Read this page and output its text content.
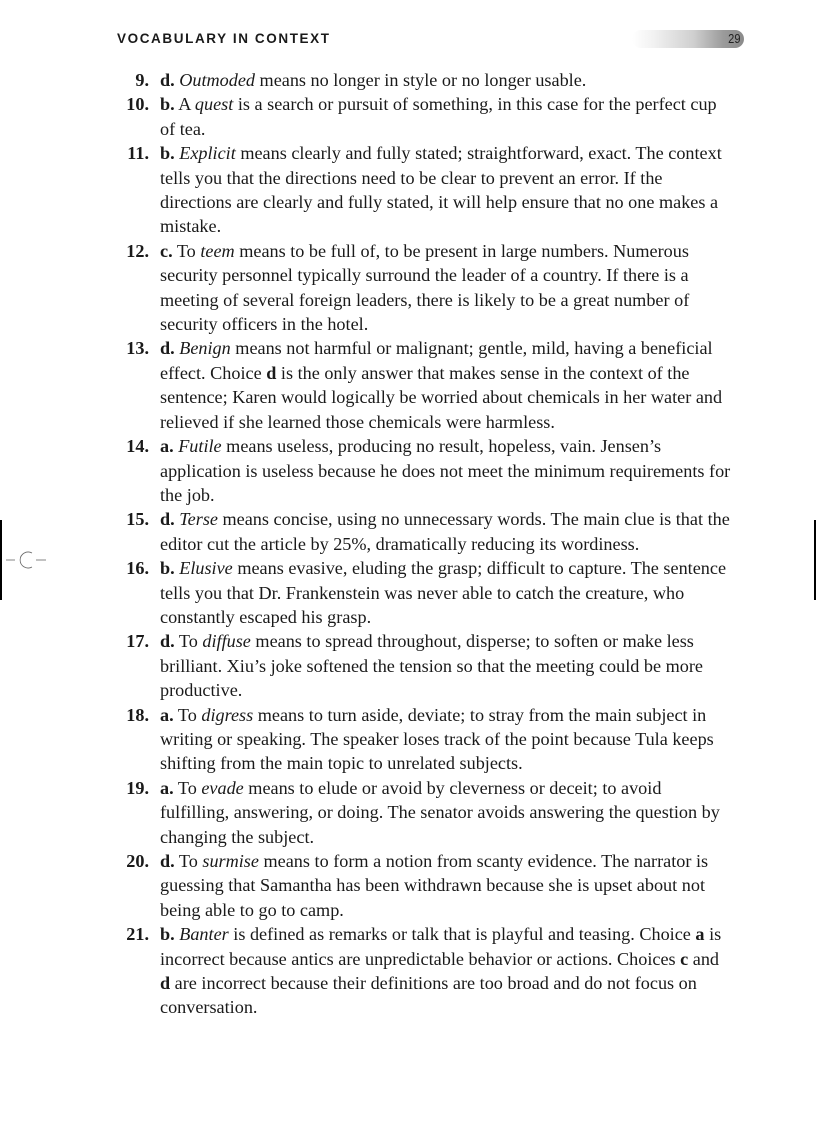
VOCABULARY IN CONTEXT	29
9. d. Outmoded means no longer in style or no longer usable.
10. b. A quest is a search or pursuit of something, in this case for the perfect cup of tea.
11. b. Explicit means clearly and fully stated; straightforward, exact. The context tells you that the directions need to be clear to prevent an error. If the directions are clearly and fully stated, it will help ensure that no one makes a mistake.
12. c. To teem means to be full of, to be present in large numbers. Numerous security personnel typically surround the leader of a country. If there is a meeting of several foreign leaders, there is likely to be a great number of security officers in the hotel.
13. d. Benign means not harmful or malignant; gentle, mild, having a beneficial effect. Choice d is the only answer that makes sense in the context of the sentence; Karen would logically be worried about chemicals in her water and relieved if she learned those chemicals were harmless.
14. a. Futile means useless, producing no result, hopeless, vain. Jensen’s application is useless because he does not meet the minimum requirements for the job.
15. d. Terse means concise, using no unnecessary words. The main clue is that the editor cut the article by 25%, dramatically reducing its wordiness.
16. b. Elusive means evasive, eluding the grasp; difficult to capture. The sentence tells you that Dr. Frankenstein was never able to catch the creature, who constantly escaped his grasp.
17. d. To diffuse means to spread throughout, disperse; to soften or make less brilliant. Xiu’s joke softened the tension so that the meeting could be more productive.
18. a. To digress means to turn aside, deviate; to stray from the main subject in writing or speaking. The speaker loses track of the point because Tula keeps shifting from the main topic to unrelated subjects.
19. a. To evade means to elude or avoid by cleverness or deceit; to avoid fulfilling, answering, or doing. The senator avoids answering the question by changing the subject.
20. d. To surmise means to form a notion from scanty evidence. The narrator is guessing that Samantha has been withdrawn because she is upset about not being able to go to camp.
21. b. Banter is defined as remarks or talk that is playful and teasing. Choice a is incorrect because antics are unpredictable behavior or actions. Choices c and d are incorrect because their definitions are too broad and do not focus on conversation.
